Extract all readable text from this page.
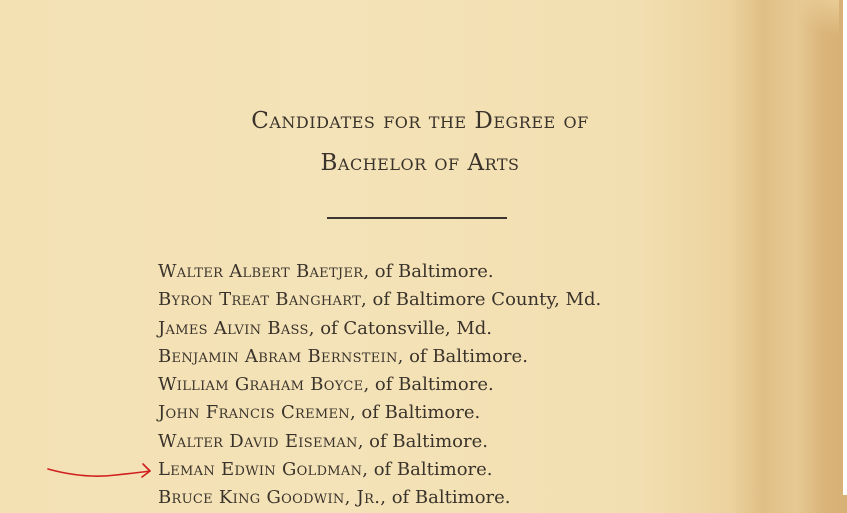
Candidates for the Degree of
Bachelor of Arts
Walter Albert Baetjer, of Baltimore.
Byron Treat Banghart, of Baltimore County, Md.
James Alvin Bass, of Catonsville, Md.
Benjamin Abram Bernstein, of Baltimore.
William Graham Boyce, of Baltimore.
John Francis Cremen, of Baltimore.
Walter David Eiseman, of Baltimore.
Leman Edwin Goldman, of Baltimore.
Bruce King Goodwin, Jr., of Baltimore.
